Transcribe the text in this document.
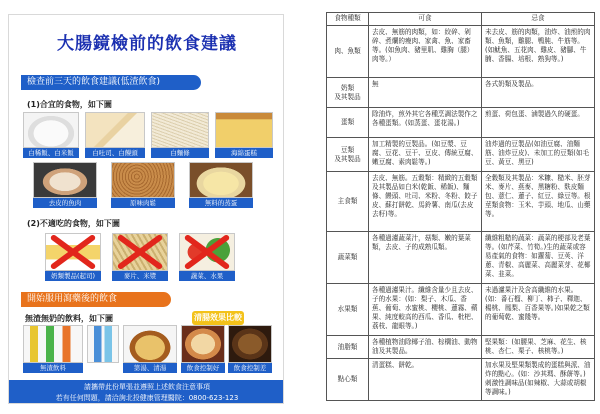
大腸鏡檢前的飲食建議
檢查前三天的飲食建議(低渣飲食)
(1)合宜的食物，如下圖
白稀飯、白米飯	白吐司、白饅頭	白麵條	海綿蛋糕
去皮的魚肉	原味肉鬆	無料的蒸蛋
(2)不適吃的食物，如下圖
奶類製品(起司)	麥片、米漿	蔬菜、水果
開始服用瀉藥後的飲食
無渣無奶的飲料，如下圖	清腸效果比較
無渣飲料	第湯、清湯	飲食控制好	飲食控制差
請攜帶此份單張並遵照上述飲食注意事項
若有任何問題，請洽詢北投健康管理醫院：0800-623-123
食物種類	可食	忌食
肉、魚類	去皮、無筋的肉類，如：絞碎、剁碎、煮爛的瘦肉、家禽、魚、家畜等。(如魚肉、豬里肌、雞胸（腿）肉等。）	未去皮、筋的肉類，油炸、油煎的肉類、魚類，雞腿、鴨肫、牛筋等。(如魷魚、五花肉、雞皮、豬腳、牛腩、香腸、培根、熟狗等。)
奶類
及其製品	無	各式奶類及製品。
蛋類	除油炸，煎外其它各種烹調法製作之各種蛋類。(如蒸蛋、蛋花湯。)	煎蛋、荷包蛋、滷製過久的硬蛋。
豆類
及其製品	加工精製的豆製品。(如豆漿、豆腐、豆花、豆干、豆皮、傳統豆腐、嫩豆腐、素肉鬆等。)	油炸過的豆製品(如油豆腐、油麵筋、油炸豆皮)、未加工的豆類(如毛豆、黃豆、黑豆)
主食類	去皮、無筋。五穀類：精緻的五穀類及其製品如白米(乾飯、稀飯)、麵條、饅頭、吐司、米粉、冬粉、餃子皮、蘇打餅乾、馬鈴薯、南瓜(去皮去籽)等。	全穀類及其製品：米糠、糙米、胚芽米、麥片、燕麥、黑糖粉、麩皮麵包、薏仁、蓮子、紅豆、綠豆等。根莖類食物：玉米、芋頭、地瓜、山藥等。
蔬菜類	各種過濾蔬菜汁，菇類、嫩的葉菜類，去皮、子的成熟瓜類。	纖維粗糙的蔬菜：蔬菜的梗部及老葉等。(如芹菜、竹筍。)生的蔬菜或容易產氣的食物：如蘿蔔、豆莢、洋蔥、青椒、高麗菜、高麗菜芽、花椰菜、韭菜。
水果類	各種過濾果汁。纖維含量少且去皮、子的水果：(如：梨子、木瓜、香蕉、葡萄、水蜜桃、櫻桃、蓮霧、蘋果、純度較高的西瓜、香瓜、枇杷、荔枝、龍眼等。)	未過濾果汁及含高纖維的水果。(如：番石榴、柳丁、柿子、釋迦、楊桃、鳳梨、百香果等。)如果乾之類的葡萄乾、蜜餞等。
油脂類	各種植物油除椰子油、棕櫚油、動物油及其製品。	堅果類：(如腰果、芝麻、花生、核桃、杏仁、栗子、核桃等。)
點心類	清蛋糕、餅乾。	加水果及堅果類製成的蛋糕與派、油炸的點心。(如：沙其瑪、酥餅等。)刺激性調味品(如辣椒、大蒜或胡椒等調味。)
